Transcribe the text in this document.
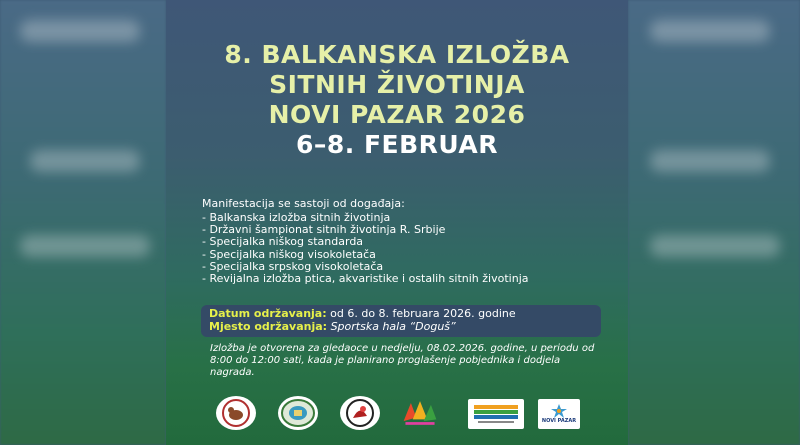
8. BALKANSKA IZLOŽBA
SITNIH ŽIVOTINJA
NOVI PAZAR 2026
6–8. FEBRUAR
Manifestacija se sastoji od događaja:
- Balkanska izložba sitnih životinja
- Državni šampionat sitnih životinja R. Srbije
- Specijalka niškog standarda
- Specijalka niškog visokoletača
- Specijalka srpskog visokoletača
- Revijalna izložba ptica, akvaristike i ostalih sitnih životinja
Datum održavanja: od 6. do 8. februara 2026. godine
Mjesto održavanja: Sportska hala “Doguš”
Izložba je otvorena za gledaoce u nedjelju, 08.02.2026. godine, u periodu od 8:00 do 12:00 sati, kada je planirano proglašenje pobjednika i dodjela nagrada.
NOVI PAZAR
